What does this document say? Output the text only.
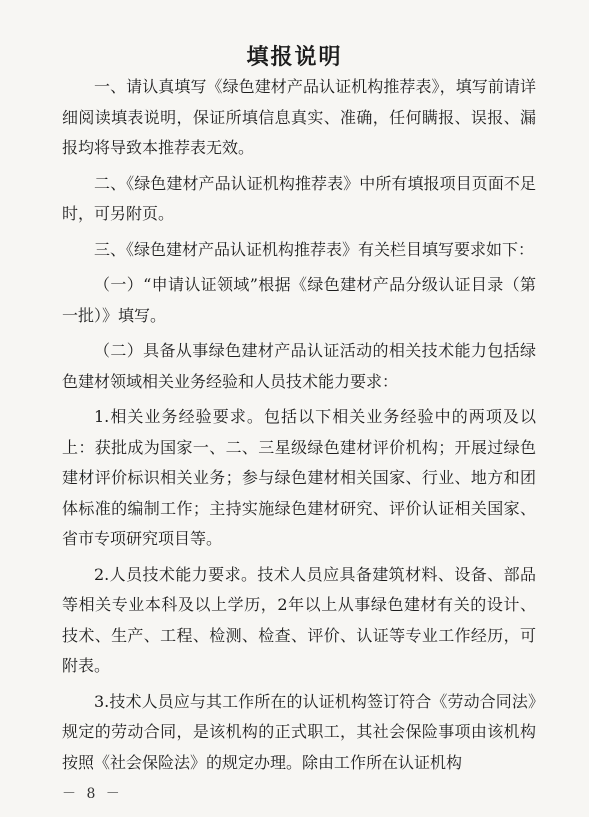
填报说明

一、请认真填写《绿色建材产品认证机构推荐表》，填写前请详细阅读填表说明，保证所填信息真实、准确，任何瞒报、误报、漏报均将导致本推荐表无效。

二、《绿色建材产品认证机构推荐表》中所有填报项目页面不足时，可另附页。

三、《绿色建材产品认证机构推荐表》有关栏目填写要求如下：

（一）“申请认证领域”根据《绿色建材产品分级认证目录（第一批）》填写。

（二）具备从事绿色建材产品认证活动的相关技术能力包括绿色建材领域相关业务经验和人员技术能力要求：

1.相关业务经验要求。包括以下相关业务经验中的两项及以上：获批成为国家一、二、三星级绿色建材评价机构；开展过绿色建材评价标识相关业务；参与绿色建材相关国家、行业、地方和团体标准的编制工作；主持实施绿色建材研究、评价认证相关国家、省市专项研究项目等。

2.人员技术能力要求。技术人员应具备建筑材料、设备、部品等相关专业本科及以上学历，2年以上从事绿色建材有关的设计、技术、生产、工程、检测、检查、评价、认证等专业工作经历，可附表。

3.技术人员应与其工作所在的认证机构签订符合《劳动合同法》规定的劳动合同，是该机构的正式职工，其社会保险事项由该机构按照《社会保险法》的规定办理。除由工作所在认证机构

－ 8 －
